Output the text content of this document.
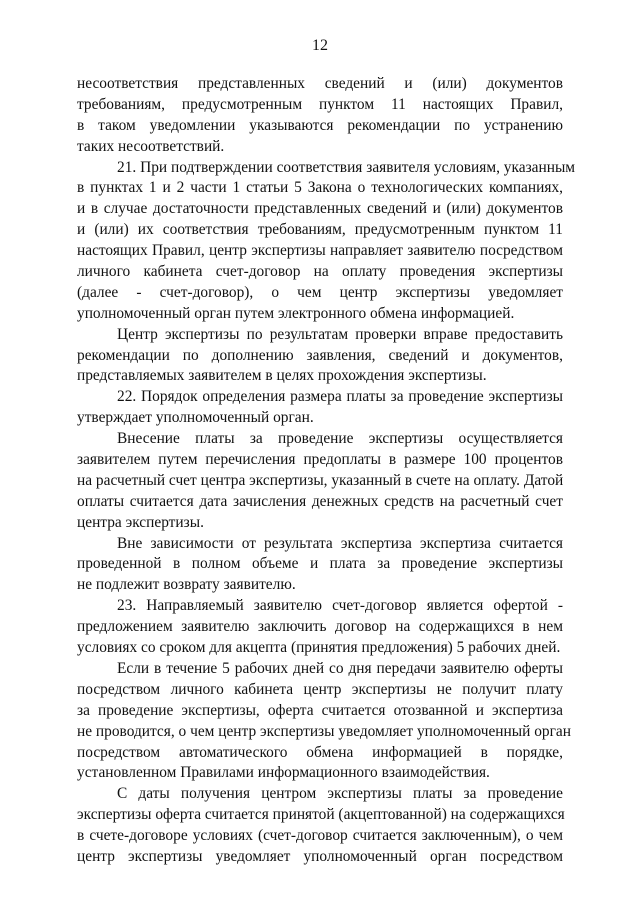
12
несоответствия представленных сведений и (или) документов
требованиям, предусмотренным пунктом 11 настоящих Правил,
в таком уведомлении указываются рекомендации по устранению
таких несоответствий.
21. При подтверждении соответствия заявителя условиям, указанным
в пунктах 1 и 2 части 1 статьи 5 Закона о технологических компаниях,
и в случае достаточности представленных сведений и (или) документов
и (или) их соответствия требованиям, предусмотренным пунктом 11
настоящих Правил, центр экспертизы направляет заявителю посредством
личного кабинета счет-договор на оплату проведения экспертизы
(далее - счет-договор), о чем центр экспертизы уведомляет
уполномоченный орган путем электронного обмена информацией.
Центр экспертизы по результатам проверки вправе предоставить
рекомендации по дополнению заявления, сведений и документов,
представляемых заявителем в целях прохождения экспертизы.
22. Порядок определения размера платы за проведение экспертизы
утверждает уполномоченный орган.
Внесение платы за проведение экспертизы осуществляется
заявителем путем перечисления предоплаты в размере 100 процентов
на расчетный счет центра экспертизы, указанный в счете на оплату. Датой
оплаты считается дата зачисления денежных средств на расчетный счет
центра экспертизы.
Вне зависимости от результата экспертиза экспертиза считается
проведенной в полном объеме и плата за проведение экспертизы
не подлежит возврату заявителю.
23. Направляемый заявителю счет-договор является офертой -
предложением заявителю заключить договор на содержащихся в нем
условиях со сроком для акцепта (принятия предложения) 5 рабочих дней.
Если в течение 5 рабочих дней со дня передачи заявителю оферты
посредством личного кабинета центр экспертизы не получит плату
за проведение экспертизы, оферта считается отозванной и экспертиза
не проводится, о чем центр экспертизы уведомляет уполномоченный орган
посредством автоматического обмена информацией в порядке,
установленном Правилами информационного взаимодействия.
С даты получения центром экспертизы платы за проведение
экспертизы оферта считается принятой (акцептованной) на содержащихся
в счете-договоре условиях (счет-договор считается заключенным), о чем
центр экспертизы уведомляет уполномоченный орган посредством
